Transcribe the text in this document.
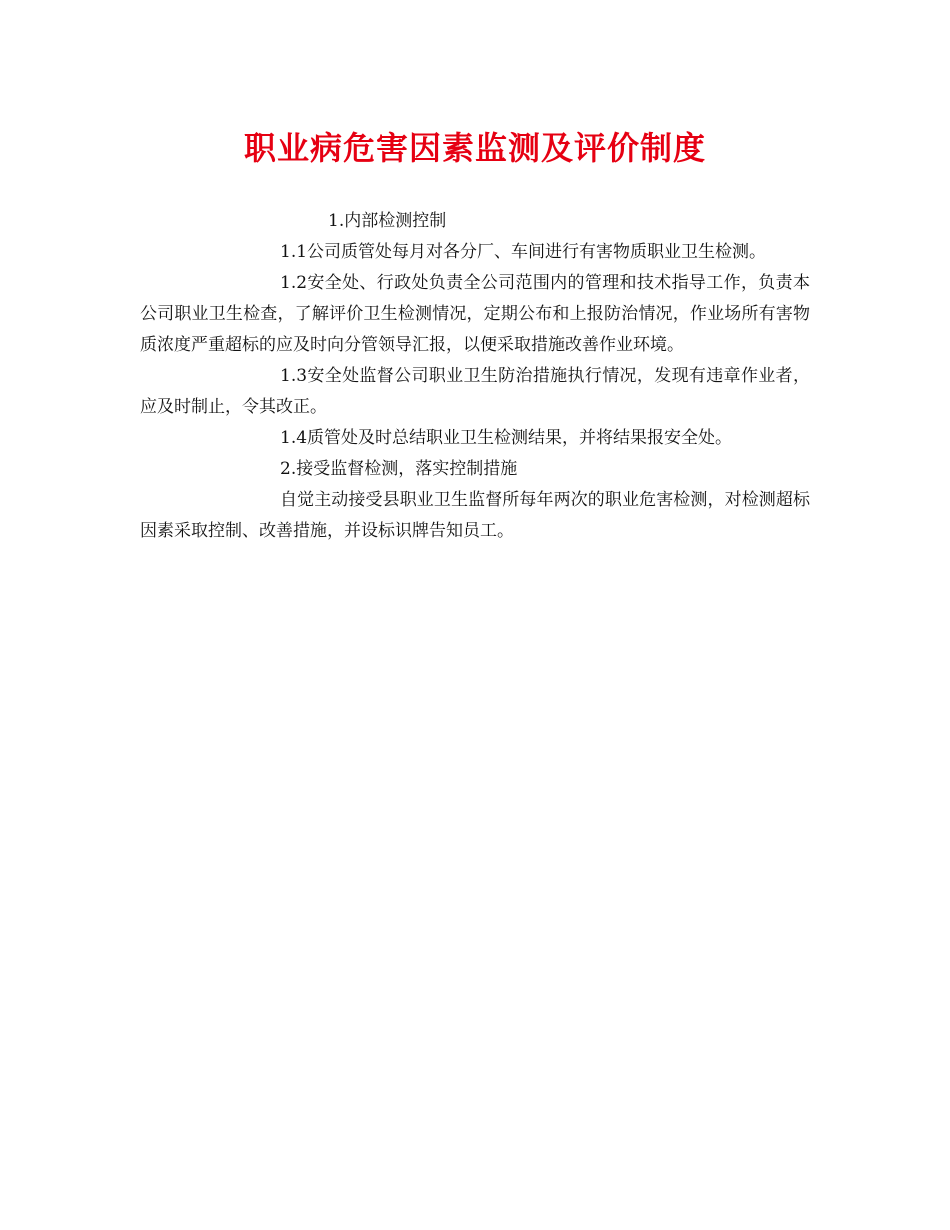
职业病危害因素监测及评价制度

1.内部检测控制

1.1公司质管处每月对各分厂、车间进行有害物质职业卫生检测。

1.2安全处、行政处负责全公司范围内的管理和技术指导工作，负责本公司职业卫生检查，了解评价卫生检测情况，定期公布和上报防治情况，作业场所有害物质浓度严重超标的应及时向分管领导汇报，以便采取措施改善作业环境。

1.3安全处监督公司职业卫生防治措施执行情况，发现有违章作业者，应及时制止，令其改正。

1.4质管处及时总结职业卫生检测结果，并将结果报安全处。

2.接受监督检测，落实控制措施

自觉主动接受县职业卫生监督所每年两次的职业危害检测，对检测超标因素采取控制、改善措施，并设标识牌告知员工。
